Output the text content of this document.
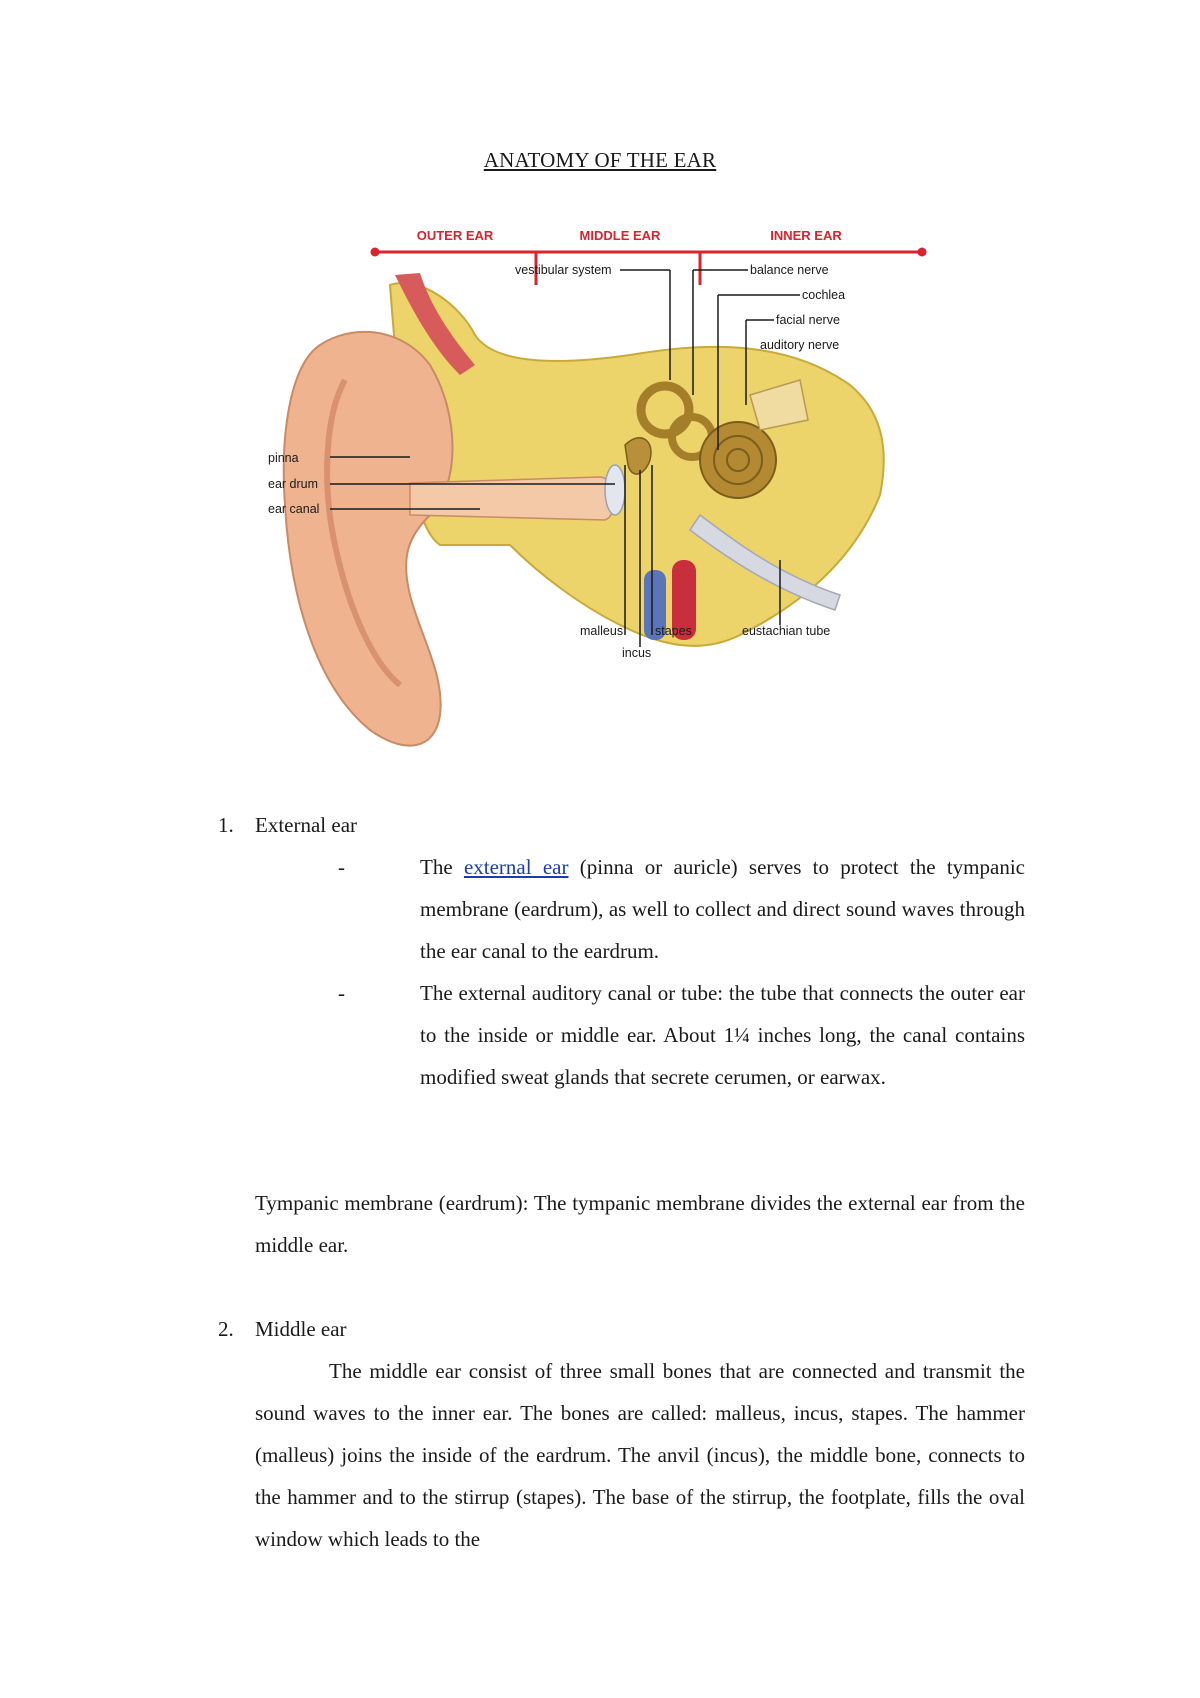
ANATOMY OF THE EAR
OUTER EAR	MIDDLE EAR	INNER EAR
vestibular system	balance nerve
cochlea
facial nerve
auditory nerve
pinna
ear drum
ear canal
malleus	stapes
incus
eustachian tube
1. External ear
-	The external ear (pinna or auricle) serves to protect the tympanic membrane (eardrum), as well to collect and direct sound waves through the ear canal to the eardrum.
-	The external auditory canal or tube: the tube that connects the outer ear to the inside or middle ear. About 1¼ inches long, the canal contains modified sweat glands that secrete cerumen, or earwax.
Tympanic membrane (eardrum): The tympanic membrane divides the external ear from the middle ear.
2. Middle ear
The middle ear consist of three small bones that are connected and transmit the sound waves to the inner ear. The bones are called: malleus, incus, stapes. The hammer (malleus) joins the inside of the eardrum. The anvil (incus), the middle bone, connects to the hammer and to the stirrup (stapes). The base of the stirrup, the footplate, fills the oval window which leads to the
